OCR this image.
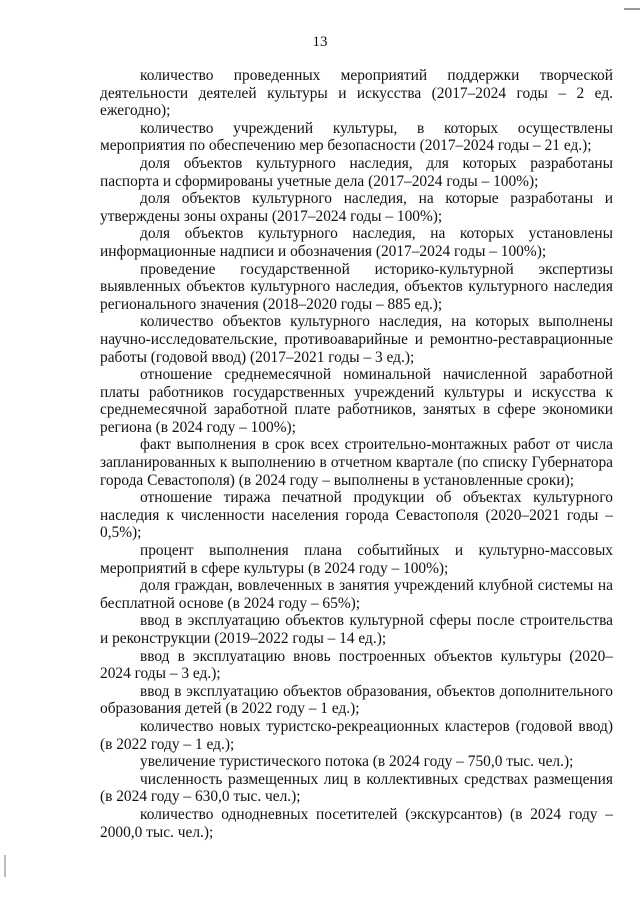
13

количество проведенных мероприятий поддержки творческой деятельности деятелей культуры и искусства (2017–2024 годы – 2 ед. ежегодно);

количество учреждений культуры, в которых осуществлены мероприятия по обеспечению мер безопасности (2017–2024 годы – 21 ед.);

доля объектов культурного наследия, для которых разработаны паспорта и сформированы учетные дела (2017–2024 годы – 100%);

доля объектов культурного наследия, на которые разработаны и утверждены зоны охраны (2017–2024 годы – 100%);

доля объектов культурного наследия, на которых установлены информационные надписи и обозначения (2017–2024 годы – 100%);

проведение государственной историко-культурной экспертизы выявленных объектов культурного наследия, объектов культурного наследия регионального значения (2018–2020 годы – 885 ед.);

количество объектов культурного наследия, на которых выполнены научно-исследовательские, противоаварийные и ремонтно-реставрационные работы (годовой ввод) (2017–2021 годы – 3 ед.);

отношение среднемесячной номинальной начисленной заработной платы работников государственных учреждений культуры и искусства к среднемесячной заработной плате работников, занятых в сфере экономики региона (в 2024 году – 100%);

факт выполнения в срок всех строительно-монтажных работ от числа запланированных к выполнению в отчетном квартале (по списку Губернатора города Севастополя) (в 2024 году – выполнены в установленные сроки);

отношение тиража печатной продукции об объектах культурного наследия к численности населения города Севастополя (2020–2021 годы – 0,5%);

процент выполнения плана событийных и культурно-массовых мероприятий в сфере культуры (в 2024 году – 100%);

доля граждан, вовлеченных в занятия учреждений клубной системы на бесплатной основе (в 2024 году – 65%);

ввод в эксплуатацию объектов культурной сферы после строительства и реконструкции (2019–2022 годы – 14 ед.);

ввод в эксплуатацию вновь построенных объектов культуры (2020–2024 годы – 3 ед.);

ввод в эксплуатацию объектов образования, объектов дополнительного образования детей (в 2022 году – 1 ед.);

количество новых туристско-рекреационных кластеров (годовой ввод) (в 2022 году – 1 ед.);

увеличение туристического потока (в 2024 году – 750,0 тыс. чел.);

численность размещенных лиц в коллективных средствах размещения (в 2024 году – 630,0 тыс. чел.);

количество однодневных посетителей (экскурсантов) (в 2024 году – 2000,0 тыс. чел.);
